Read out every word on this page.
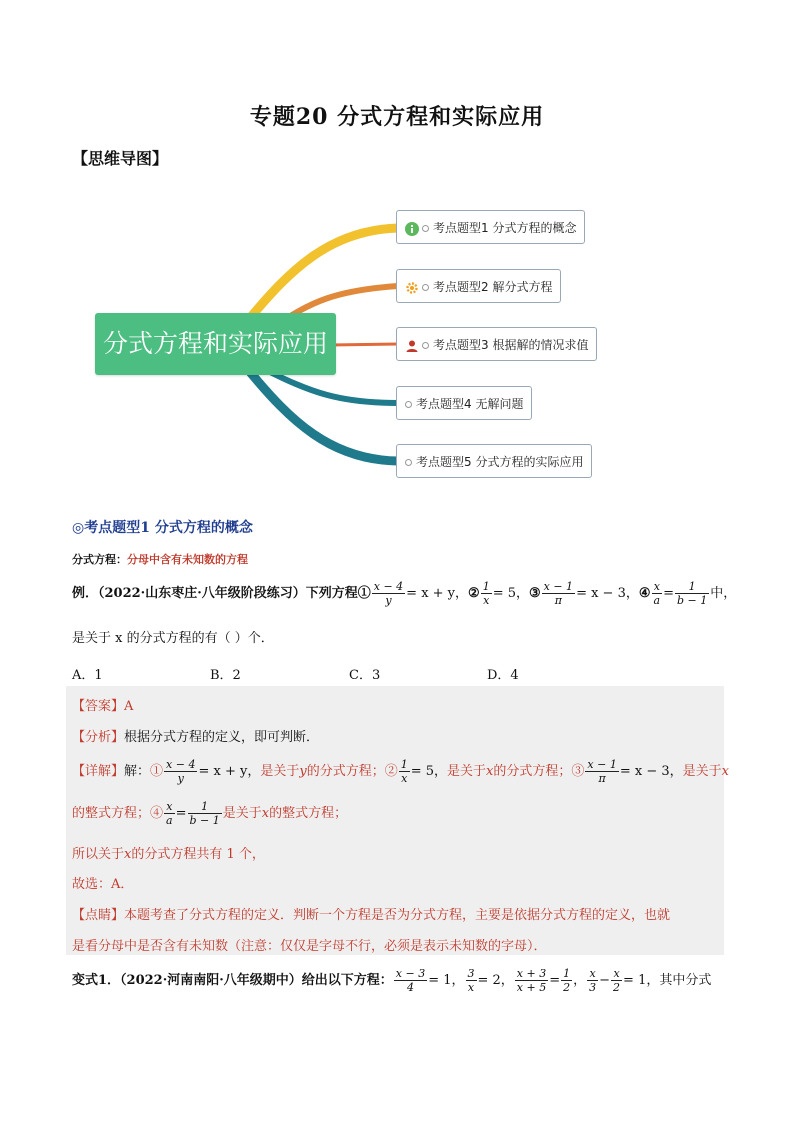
专题20 分式方程和实际应用
【思维导图】
分式方程和实际应用
考点题型1 分式方程的概念
考点题型2 解分式方程
考点题型3 根据解的情况求值
考点题型4 无解问题
考点题型5 分式方程的实际应用
◎考点题型1 分式方程的概念
分式方程：分母中含有未知数的方程
例．（2022·山东枣庄·八年级阶段练习）下列方程① $\frac{x - 4}{y} = x + y$，② $\frac{1}{x} = 5$，③ $\frac{x - 1}{\pi} = x - 3$，④ $\frac{x}{a} = \frac{1}{b - 1}$ 中，
是关于 x 的分式方程的有（ ）个．
A．1	B．2	C．3	D．4
【答案】A
【分析】根据分式方程的定义，即可判断．
【详解】解：① $\frac{x - 4}{y} = x + y$，是关于y的分式方程；② $\frac{1}{x} = 5$，是关于x的分式方程；③ $\frac{x - 1}{\pi} = x - 3$，是关于x
的整式方程；④ $\frac{x}{a} = \frac{1}{b - 1}$ 是关于x的整式方程；
所以关于x的分式方程共有 1 个，
故选：A．
【点睛】本题考查了分式方程的定义．判断一个方程是否为分式方程，主要是依据分式方程的定义，也就
是看分母中是否含有未知数（注意：仅仅是字母不行，必须是表示未知数的字母）．
变式1．（2022·河南南阳·八年级期中）给出以下方程： $\frac{x - 3}{4} = 1$， $\frac{3}{x} = 2$， $\frac{x + 3}{x + 5} = \frac{1}{2}$ ， $\frac{x}{3} - \frac{x}{2} = 1$，其中分式
